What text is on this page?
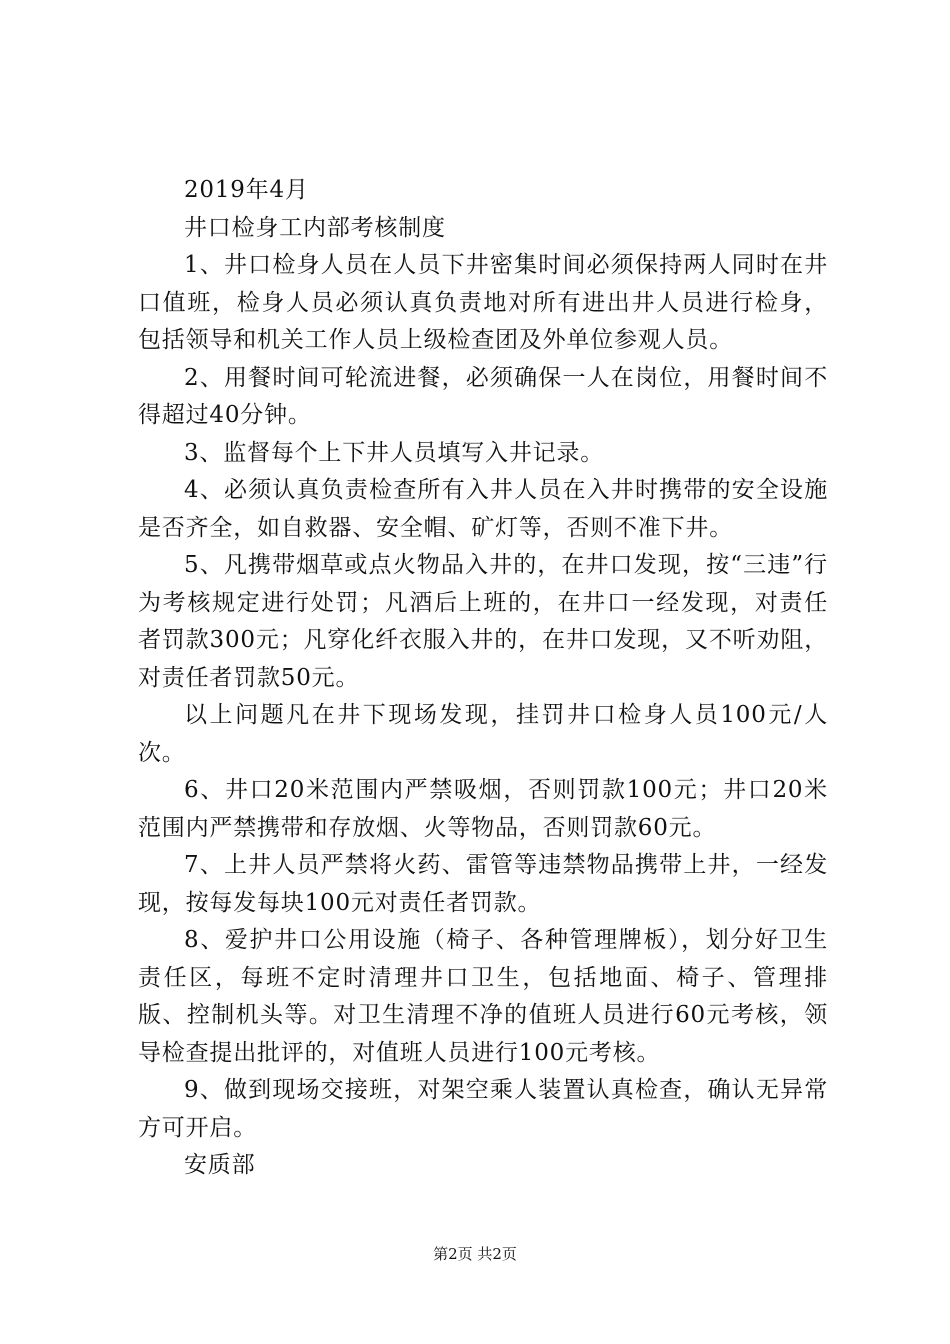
2019年4月

井口检身工内部考核制度

1、井口检身人员在人员下井密集时间必须保持两人同时在井口值班，检身人员必须认真负责地对所有进出井人员进行检身，包括领导和机关工作人员上级检查团及外单位参观人员。

2、用餐时间可轮流进餐，必须确保一人在岗位，用餐时间不得超过40分钟。

3、监督每个上下井人员填写入井记录。

4、必须认真负责检查所有入井人员在入井时携带的安全设施是否齐全，如自救器、安全帽、矿灯等，否则不准下井。

5、凡携带烟草或点火物品入井的，在井口发现，按“三违”行为考核规定进行处罚；凡酒后上班的，在井口一经发现，对责任者罚款300元；凡穿化纤衣服入井的，在井口发现，又不听劝阻，对责任者罚款50元。

以上问题凡在井下现场发现，挂罚井口检身人员100元/人次。

6、井口20米范围内严禁吸烟，否则罚款100元；井口20米范围内严禁携带和存放烟、火等物品，否则罚款60元。

7、上井人员严禁将火药、雷管等违禁物品携带上井，一经发现，按每发每块100元对责任者罚款。

8、爱护井口公用设施（椅子、各种管理牌板），划分好卫生责任区，每班不定时清理井口卫生，包括地面、椅子、管理排版、控制机头等。对卫生清理不净的值班人员进行60元考核，领导检查提出批评的，对值班人员进行100元考核。

9、做到现场交接班，对架空乘人装置认真检查，确认无异常方可开启。

安质部

第2页 共2页
